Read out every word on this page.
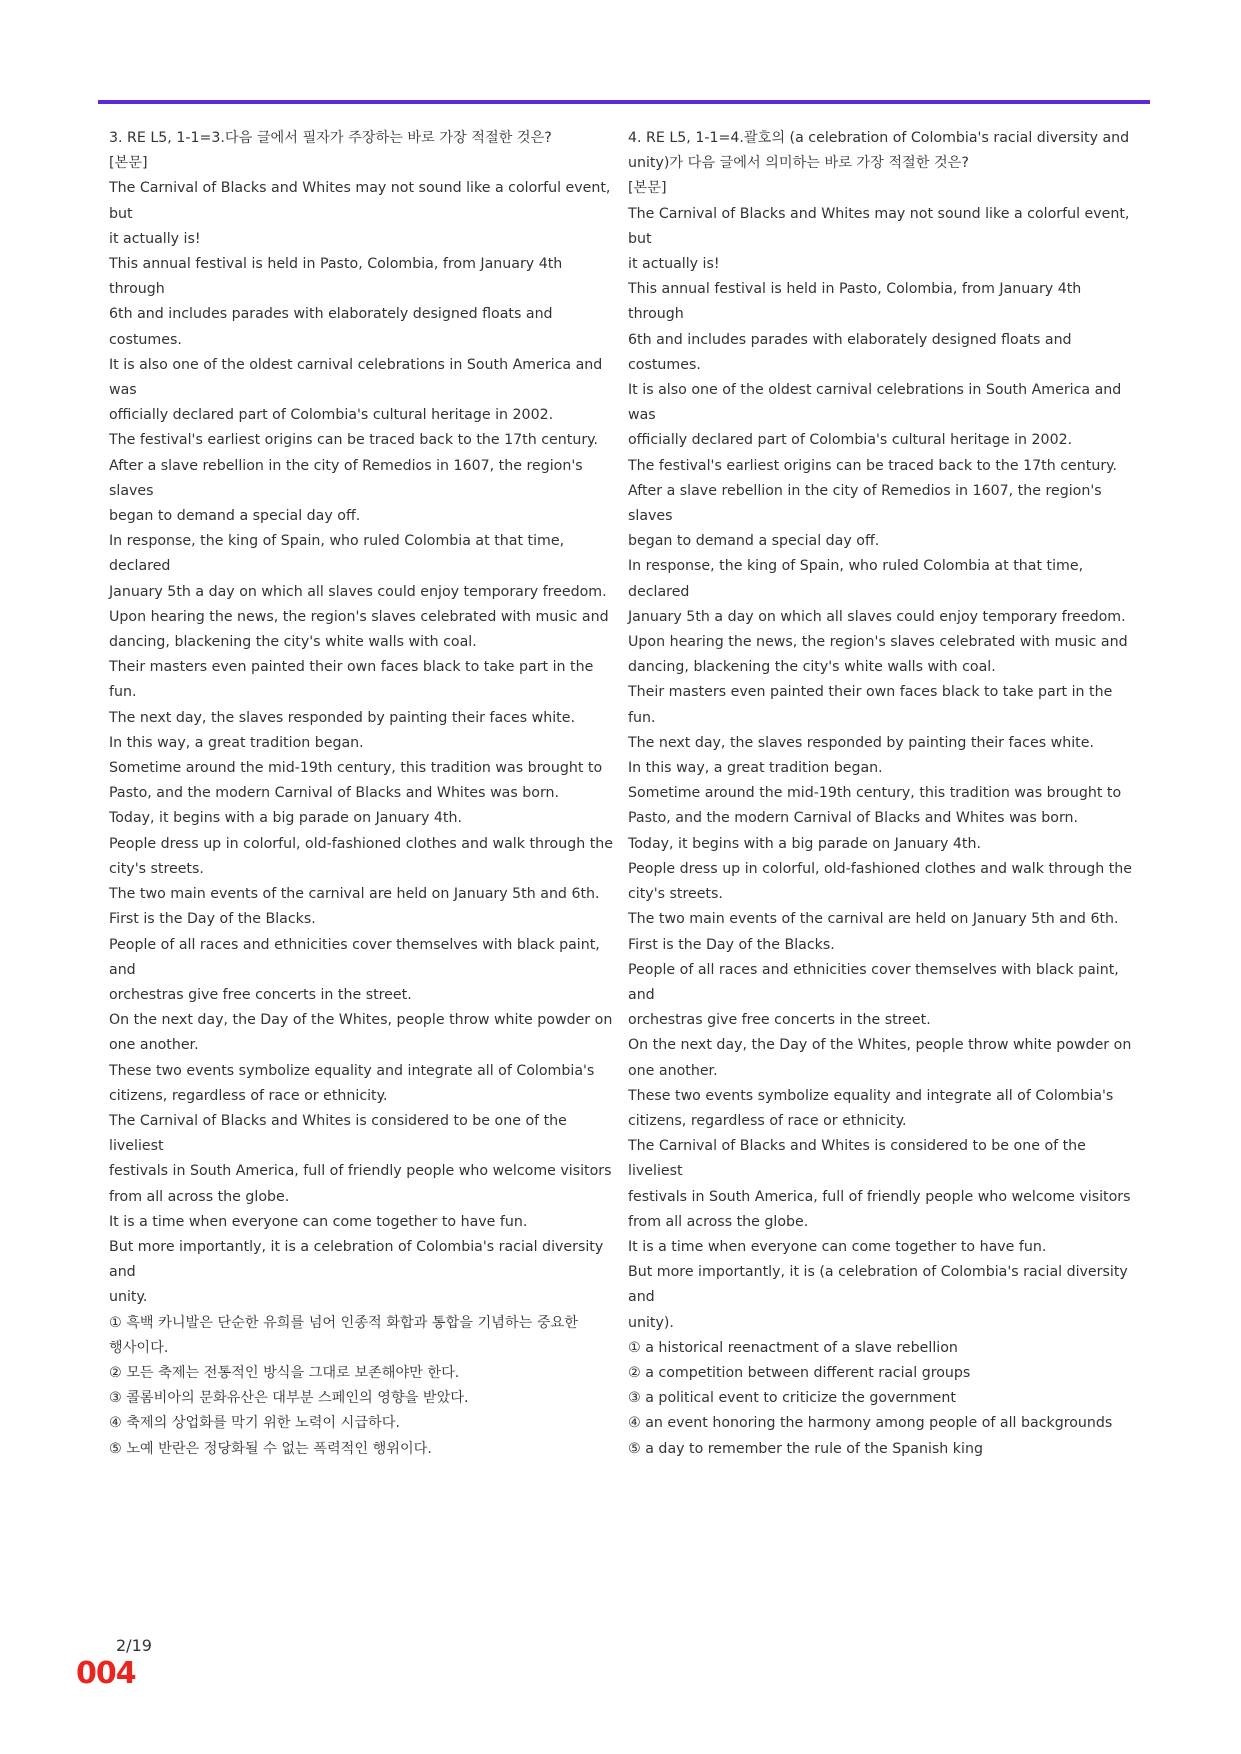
3. RE L5, 1-1=3.다음 글에서 필자가 주장하는 바로 가장 적절한 것은?

[본문]

The Carnival of Blacks and Whites may not sound like a colorful event, but

it actually is!

This annual festival is held in Pasto, Colombia, from January 4th through

6th and includes parades with elaborately designed floats and costumes.

It is also one of the oldest carnival celebrations in South America and was

officially declared part of Colombia's cultural heritage in 2002.

The festival's earliest origins can be traced back to the 17th century.

After a slave rebellion in the city of Remedios in 1607, the region's slaves

began to demand a special day off.

In response, the king of Spain, who ruled Colombia at that time, declared

January 5th a day on which all slaves could enjoy temporary freedom.

Upon hearing the news, the region's slaves celebrated with music and

dancing, blackening the city's white walls with coal.

Their masters even painted their own faces black to take part in the fun.

The next day, the slaves responded by painting their faces white.

In this way, a great tradition began.

Sometime around the mid-19th century, this tradition was brought to

Pasto, and the modern Carnival of Blacks and Whites was born.

Today, it begins with a big parade on January 4th.

People dress up in colorful, old-fashioned clothes and walk through the

city's streets.

The two main events of the carnival are held on January 5th and 6th.

First is the Day of the Blacks.

People of all races and ethnicities cover themselves with black paint, and

orchestras give free concerts in the street.

On the next day, the Day of the Whites, people throw white powder on

one another.

These two events symbolize equality and integrate all of Colombia's

citizens, regardless of race or ethnicity.

The Carnival of Blacks and Whites is considered to be one of the liveliest

festivals in South America, full of friendly people who welcome visitors

from all across the globe.

It is a time when everyone can come together to have fun.

But more importantly, it is a celebration of Colombia's racial diversity and

unity.

① 흑백 카니발은 단순한 유희를 넘어 인종적 화합과 통합을 기념하는 중요한

행사이다.

② 모든 축제는 전통적인 방식을 그대로 보존해야만 한다.

③ 콜롬비아의 문화유산은 대부분 스페인의 영향을 받았다.

④ 축제의 상업화를 막기 위한 노력이 시급하다.

⑤ 노예 반란은 정당화될 수 없는 폭력적인 행위이다.

4. RE L5, 1-1=4.괄호의 (a celebration of Colombia's racial diversity and

unity)가 다음 글에서 의미하는 바로 가장 적절한 것은?

[본문]

The Carnival of Blacks and Whites may not sound like a colorful event, but

it actually is!

This annual festival is held in Pasto, Colombia, from January 4th through

6th and includes parades with elaborately designed floats and costumes.

It is also one of the oldest carnival celebrations in South America and was

officially declared part of Colombia's cultural heritage in 2002.

The festival's earliest origins can be traced back to the 17th century.

After a slave rebellion in the city of Remedios in 1607, the region's slaves

began to demand a special day off.

In response, the king of Spain, who ruled Colombia at that time, declared

January 5th a day on which all slaves could enjoy temporary freedom.

Upon hearing the news, the region's slaves celebrated with music and

dancing, blackening the city's white walls with coal.

Their masters even painted their own faces black to take part in the fun.

The next day, the slaves responded by painting their faces white.

In this way, a great tradition began.

Sometime around the mid-19th century, this tradition was brought to

Pasto, and the modern Carnival of Blacks and Whites was born.

Today, it begins with a big parade on January 4th.

People dress up in colorful, old-fashioned clothes and walk through the

city's streets.

The two main events of the carnival are held on January 5th and 6th.

First is the Day of the Blacks.

People of all races and ethnicities cover themselves with black paint, and

orchestras give free concerts in the street.

On the next day, the Day of the Whites, people throw white powder on

one another.

These two events symbolize equality and integrate all of Colombia's

citizens, regardless of race or ethnicity.

The Carnival of Blacks and Whites is considered to be one of the liveliest

festivals in South America, full of friendly people who welcome visitors

from all across the globe.

It is a time when everyone can come together to have fun.

But more importantly, it is (a celebration of Colombia's racial diversity and

unity).

① a historical reenactment of a slave rebellion

② a competition between different racial groups

③ a political event to criticize the government

④ an event honoring the harmony among people of all backgrounds

⑤ a day to remember the rule of the Spanish king

2/19
004
